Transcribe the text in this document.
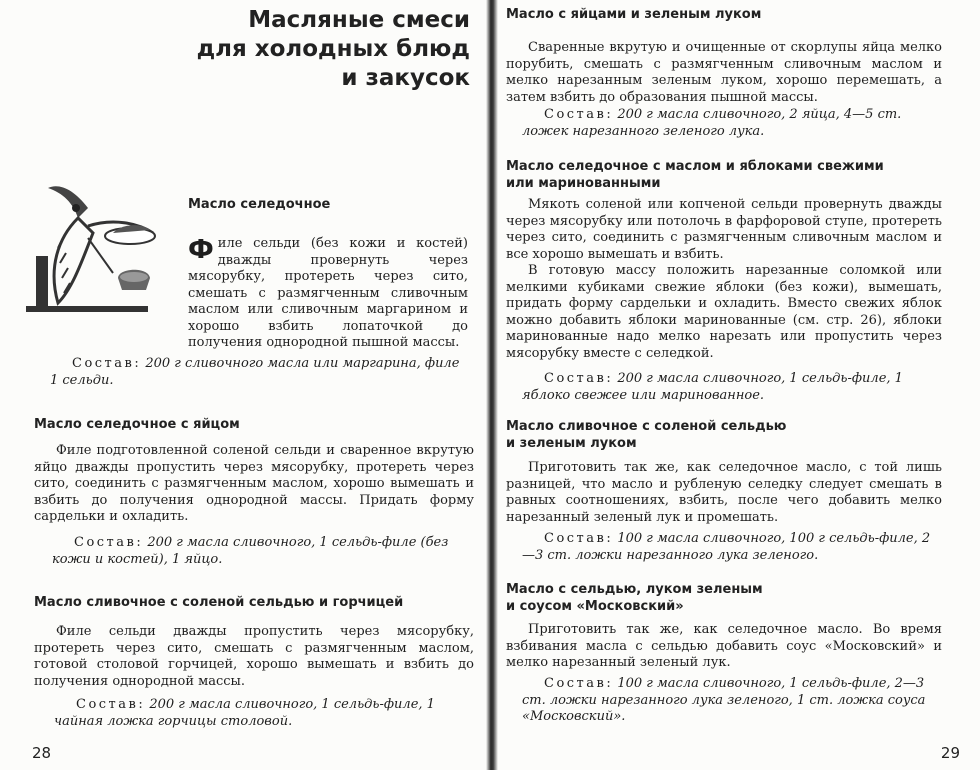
Масляные смеси
для холодных блюд
и закусок
Масло селедочное

Филе сельди (без кожи и костей) дважды провернуть через мясорубку, протереть через сито, смешать с размягченным сливочным маслом или сливочным маргарином и хорошо взбить лопаточкой до получения однородной пышной массы.

Состав: 200 г сливочного масла или маргарина, филе 1 сельди.

Масло селедочное с яйцом

Филе подготовленной соленой сельди и сваренное вкрутую яйцо дважды пропустить через мясорубку, протереть через сито, соединить с размягченным маслом, хорошо вымешать и взбить до получения однородной массы. Придать форму сардельки и охладить.

Состав: 200 г масла сливочного, 1 сельдь-филе (без кожи и костей), 1 яйцо.

Масло сливочное с соленой сельдью и горчицей

Филе сельди дважды пропустить через мясорубку, протереть через сито, смешать с размягченным маслом, готовой столовой горчицей, хорошо вымешать и взбить до получения однородной массы.

Состав: 200 г масла сливочного, 1 сельдь-филе, 1 чайная ложка горчицы столовой.

28
Масло с яйцами и зеленым луком

Сваренные вкрутую и очищенные от скорлупы яйца мелко порубить, смешать с размягченным сливочным маслом и мелко нарезанным зеленым луком, хорошо перемешать, а затем взбить до образования пышной массы.

Состав: 200 г масла сливочного, 2 яйца, 4—5 ст. ложек нарезанного зеленого лука.

Масло селедочное с маслом и яблоками свежими
или маринованными

Мякоть соленой или копченой сельди провернуть дважды через мясорубку или потолочь в фарфоровой ступе, протереть через сито, соединить с размягченным сливочным маслом и все хорошо вымешать и взбить.

В готовую массу положить нарезанные соломкой или мелкими кубиками свежие яблоки (без кожи), вымешать, придать форму сардельки и охладить. Вместо свежих яблок можно добавить яблоки маринованные (см. стр. 26), яблоки маринованные надо мелко нарезать или пропустить через мясорубку вместе с селедкой.

Состав: 200 г масла сливочного, 1 сельдь-филе, 1 яблоко свежее или маринованное.

Масло сливочное с соленой сельдью
и зеленым луком

Приготовить так же, как селедочное масло, с той лишь разницей, что масло и рубленую селедку следует смешать в равных соотношениях, взбить, после чего добавить мелко нарезанный зеленый лук и промешать.

Состав: 100 г масла сливочного, 100 г сельдь-филе, 2—3 ст. ложки нарезанного лука зеленого.

Масло с сельдью, луком зеленым
и соусом «Московский»

Приготовить так же, как селедочное масло. Во время взбивания масла с сельдью добавить соус «Московский» и мелко нарезанный зеленый лук.

Состав: 100 г масла сливочного, 1 сельдь-филе, 2—3 ст. ложки нарезанного лука зеленого, 1 ст. ложка соуса «Московский».

29
